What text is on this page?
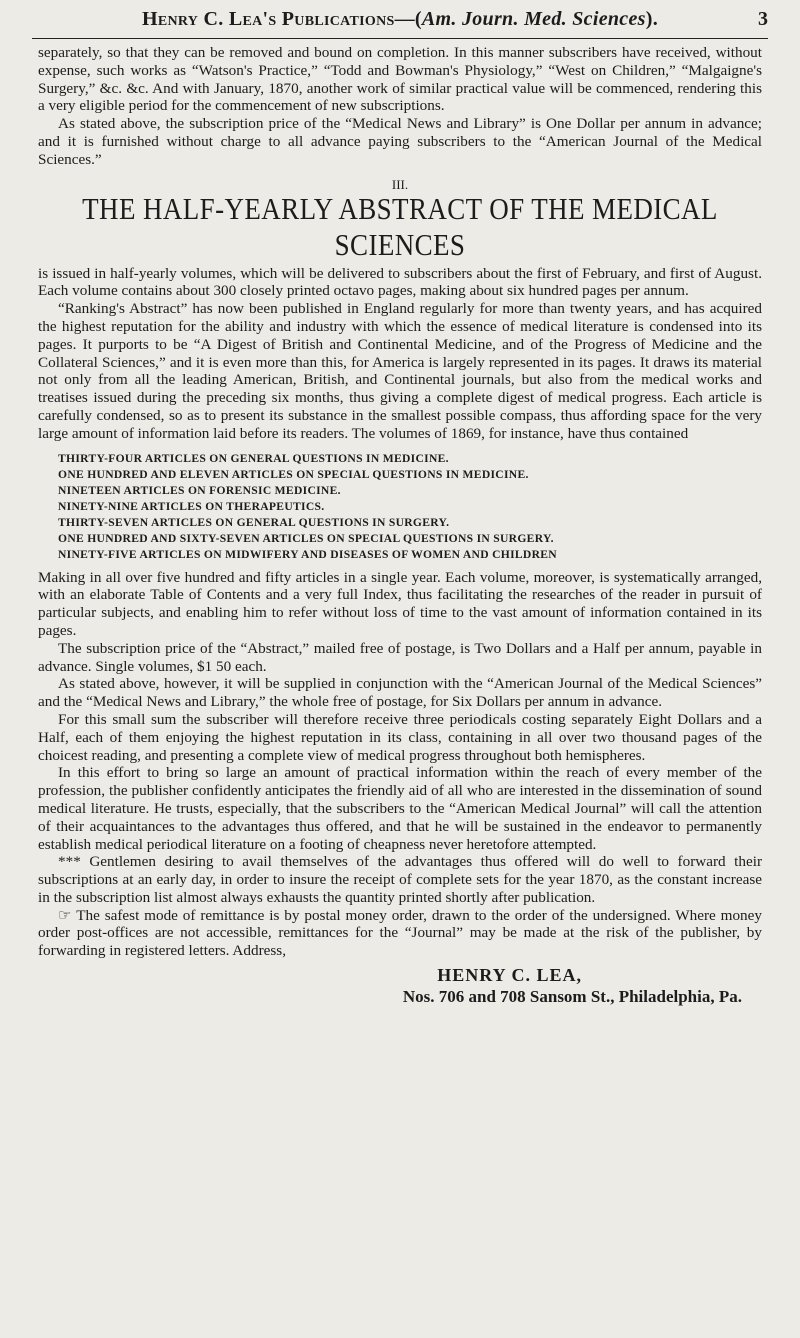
Henry C. Lea's Publications—(Am. Journ. Med. Sciences).	3

separately, so that they can be removed and bound on completion. In this manner subscribers have received, without expense, such works as “Watson's Practice,” “Todd and Bowman's Physiology,” “West on Children,” “Malgaigne's Surgery,” &c. &c. And with January, 1870, another work of similar practical value will be commenced, rendering this a very eligible period for the commencement of new subscriptions.

As stated above, the subscription price of the “Medical News and Library” is One Dollar per annum in advance; and it is furnished without charge to all advance paying subscribers to the “American Journal of the Medical Sciences.”

III.
THE HALF-YEARLY ABSTRACT OF THE MEDICAL SCIENCES

is issued in half-yearly volumes, which will be delivered to subscribers about the first of February, and first of August. Each volume contains about 300 closely printed octavo pages, making about six hundred pages per annum.

“Ranking's Abstract” has now been published in England regularly for more than twenty years, and has acquired the highest reputation for the ability and industry with which the essence of medical literature is condensed into its pages. It purports to be “A Digest of British and Continental Medicine, and of the Progress of Medicine and the Collateral Sciences,” and it is even more than this, for America is largely represented in its pages. It draws its material not only from all the leading American, British, and Continental journals, but also from the medical works and treatises issued during the preceding six months, thus giving a complete digest of medical progress. Each article is carefully condensed, so as to present its substance in the smallest possible compass, thus affording space for the very large amount of information laid before its readers. The volumes of 1869, for instance, have thus contained

THIRTY-FOUR ARTICLES ON GENERAL QUESTIONS IN MEDICINE.
ONE HUNDRED AND ELEVEN ARTICLES ON SPECIAL QUESTIONS IN MEDICINE.
NINETEEN ARTICLES ON FORENSIC MEDICINE.
NINETY-NINE ARTICLES ON THERAPEUTICS.
THIRTY-SEVEN ARTICLES ON GENERAL QUESTIONS IN SURGERY.
ONE HUNDRED AND SIXTY-SEVEN ARTICLES ON SPECIAL QUESTIONS IN SURGERY.
NINETY-FIVE ARTICLES ON MIDWIFERY AND DISEASES OF WOMEN AND CHILDREN

Making in all over five hundred and fifty articles in a single year. Each volume, moreover, is systematically arranged, with an elaborate Table of Contents and a very full Index, thus facilitating the researches of the reader in pursuit of particular subjects, and enabling him to refer without loss of time to the vast amount of information contained in its pages.

The subscription price of the “Abstract,” mailed free of postage, is Two Dollars and a Half per annum, payable in advance. Single volumes, $1 50 each.

As stated above, however, it will be supplied in conjunction with the “American Journal of the Medical Sciences” and the “Medical News and Library,” the whole free of postage, for Six Dollars per annum in advance.

For this small sum the subscriber will therefore receive three periodicals costing separately Eight Dollars and a Half, each of them enjoying the highest reputation in its class, containing in all over two thousand pages of the choicest reading, and presenting a complete view of medical progress throughout both hemispheres.

In this effort to bring so large an amount of practical information within the reach of every member of the profession, the publisher confidently anticipates the friendly aid of all who are interested in the dissemination of sound medical literature. He trusts, especially, that the subscribers to the “American Medical Journal” will call the attention of their acquaintances to the advantages thus offered, and that he will be sustained in the endeavor to permanently establish medical periodical literature on a footing of cheapness never heretofore attempted.

*** Gentlemen desiring to avail themselves of the advantages thus offered will do well to forward their subscriptions at an early day, in order to insure the receipt of complete sets for the year 1870, as the constant increase in the subscription list almost always exhausts the quantity printed shortly after publication.

☞ The safest mode of remittance is by postal money order, drawn to the order of the undersigned. Where money order post-offices are not accessible, remittances for the “Journal” may be made at the risk of the publisher, by forwarding in registered letters. Address,

HENRY C. LEA,
Nos. 706 and 708 Sansom St., Philadelphia, Pa.
